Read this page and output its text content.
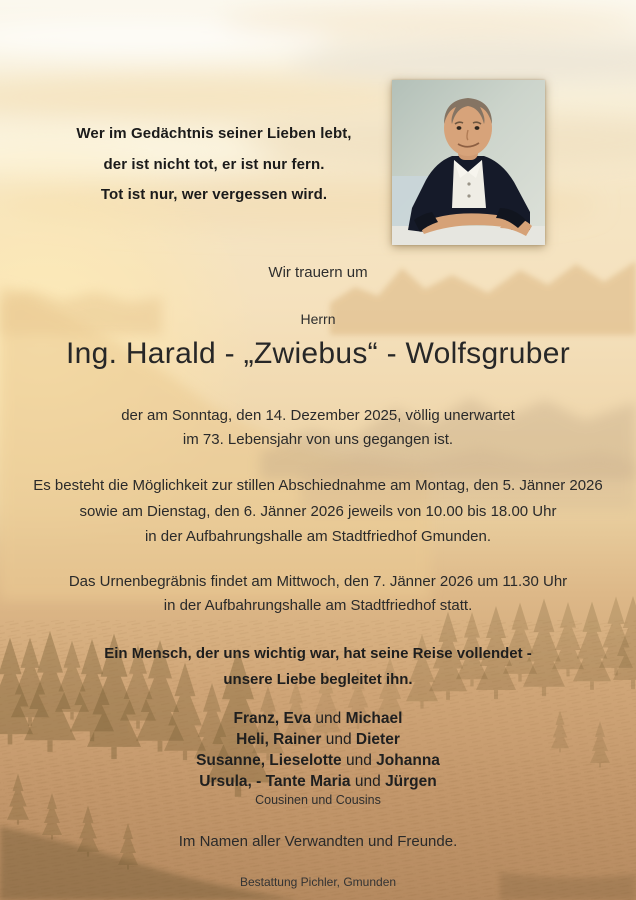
Wer im Gedächtnis seiner Lieben lebt,
der ist nicht tot, er ist nur fern.
Tot ist nur, wer vergessen wird.
Wir trauern um
Herrn
Ing. Harald - „Zwiebus“ - Wolfsgruber
der am Sonntag, den 14. Dezember 2025, völlig unerwartet
im 73. Lebensjahr von uns gegangen ist.
Es besteht die Möglichkeit zur stillen Abschiednahme am Montag, den 5. Jänner 2026
sowie am Dienstag, den 6. Jänner 2026 jeweils von 10.00 bis 18.00 Uhr
in der Aufbahrungshalle am Stadtfriedhof Gmunden.
Das Urnenbegräbnis findet am Mittwoch, den 7. Jänner 2026 um 11.30 Uhr
in der Aufbahrungshalle am Stadtfriedhof statt.
Ein Mensch, der uns wichtig war, hat seine Reise vollendet -
unsere Liebe begleitet ihn.
Franz, Eva und Michael
Heli, Rainer und Dieter
Susanne, Lieselotte und Johanna
Ursula, - Tante Maria und Jürgen
Cousinen und Cousins
Im Namen aller Verwandten und Freunde.
Bestattung Pichler, Gmunden
